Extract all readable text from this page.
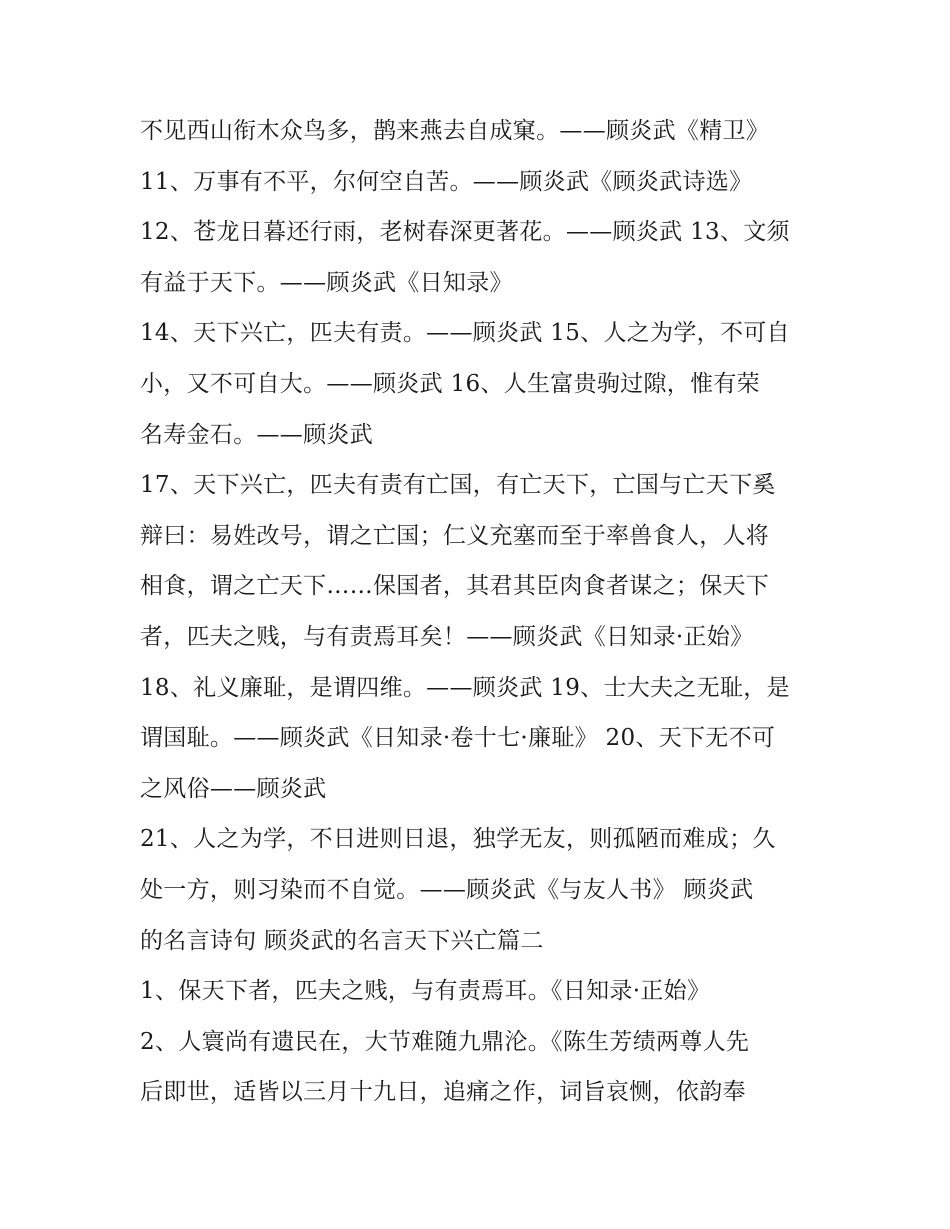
不见西山衔木众鸟多，鹊来燕去自成窠。——顾炎武《精卫》
11、万事有不平，尔何空自苦。——顾炎武《顾炎武诗选》
12、苍龙日暮还行雨，老树春深更著花。——顾炎武 13、文须
有益于天下。——顾炎武《日知录》
14、天下兴亡，匹夫有责。——顾炎武 15、人之为学，不可自
小，又不可自大。——顾炎武 16、人生富贵驹过隙，惟有荣
名寿金石。——顾炎武
17、天下兴亡，匹夫有责有亡国，有亡天下，亡国与亡天下奚
辩曰：易姓改号，谓之亡国；仁义充塞而至于率兽食人，人将
相食，谓之亡天下……保国者，其君其臣肉食者谋之；保天下
者，匹夫之贱，与有责焉耳矣！——顾炎武《日知录·正始》
18、礼义廉耻，是谓四维。——顾炎武 19、士大夫之无耻，是
谓国耻。——顾炎武《日知录·卷十七·廉耻》 20、天下无不可
之风俗——顾炎武
21、人之为学，不日进则日退，独学无友，则孤陋而难成；久
处一方，则习染而不自觉。——顾炎武《与友人书》 顾炎武
的名言诗句 顾炎武的名言天下兴亡篇二
1、保天下者，匹夫之贱，与有责焉耳。《日知录·正始》
2、人寰尚有遗民在，大节难随九鼎沦。《陈生芳绩两尊人先
后即世，适皆以三月十九日，追痛之作，词旨哀恻，依韵奉
